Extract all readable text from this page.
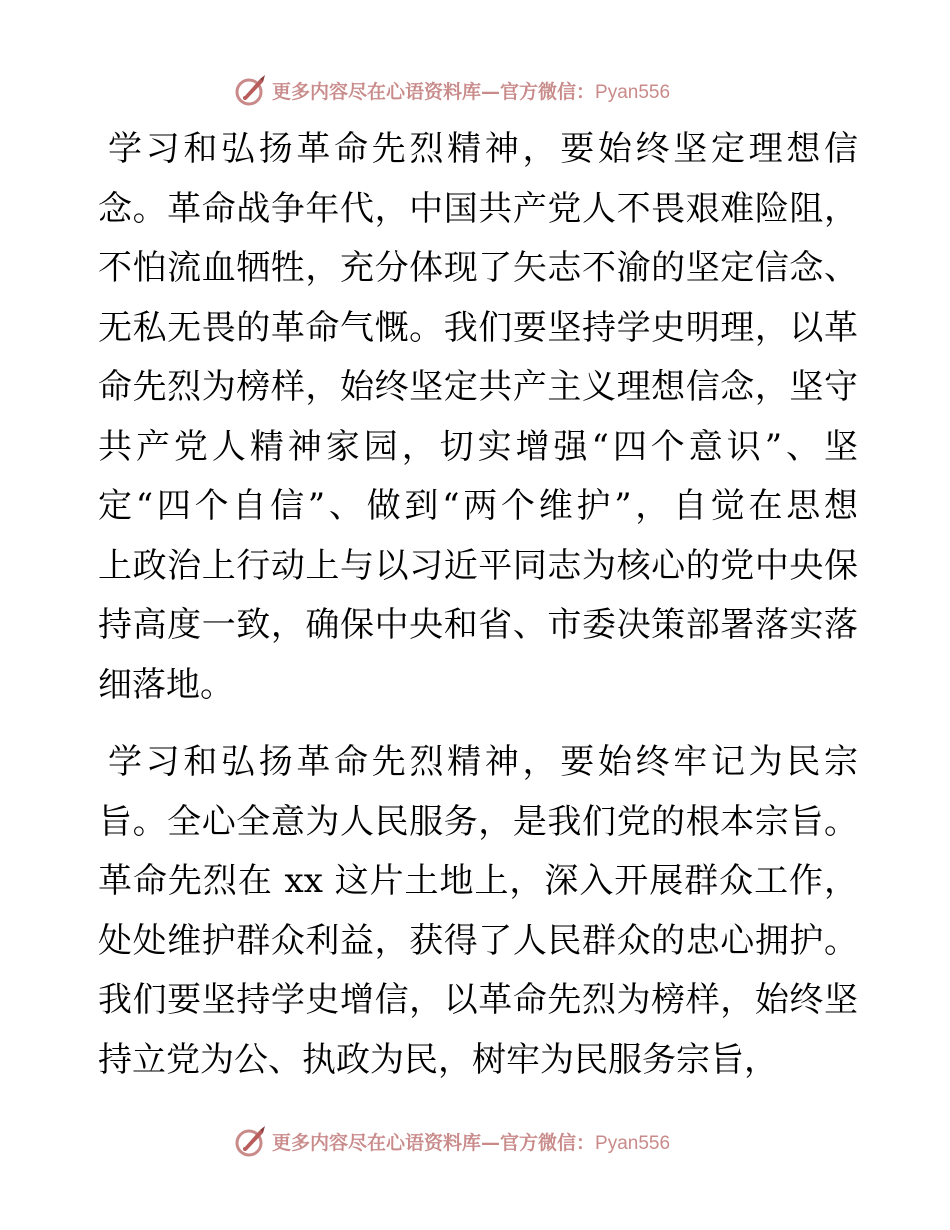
更多内容尽在心语资料库—官方微信：Pyan556
学习和弘扬革命先烈精神，要始终坚定理想信
念。革命战争年代，中国共产党人不畏艰难险阻，
不怕流血牺牲，充分体现了矢志不渝的坚定信念、
无私无畏的革命气慨。我们要坚持学史明理，以革
命先烈为榜样，始终坚定共产主义理想信念，坚守
共产党人精神家园，切实增强“四个意识”、坚
定“四个自信”、做到“两个维护”，自觉在思想
上政治上行动上与以习近平同志为核心的党中央保
持高度一致，确保中央和省、市委决策部署落实落
细落地。
学习和弘扬革命先烈精神，要始终牢记为民宗
旨。全心全意为人民服务，是我们党的根本宗旨。
革命先烈在 xx 这片土地上，深入开展群众工作，
处处维护群众利益，获得了人民群众的忠心拥护。
我们要坚持学史增信，以革命先烈为榜样，始终坚
持立党为公、执政为民，树牢为民服务宗旨，
更多内容尽在心语资料库—官方微信：Pyan556
